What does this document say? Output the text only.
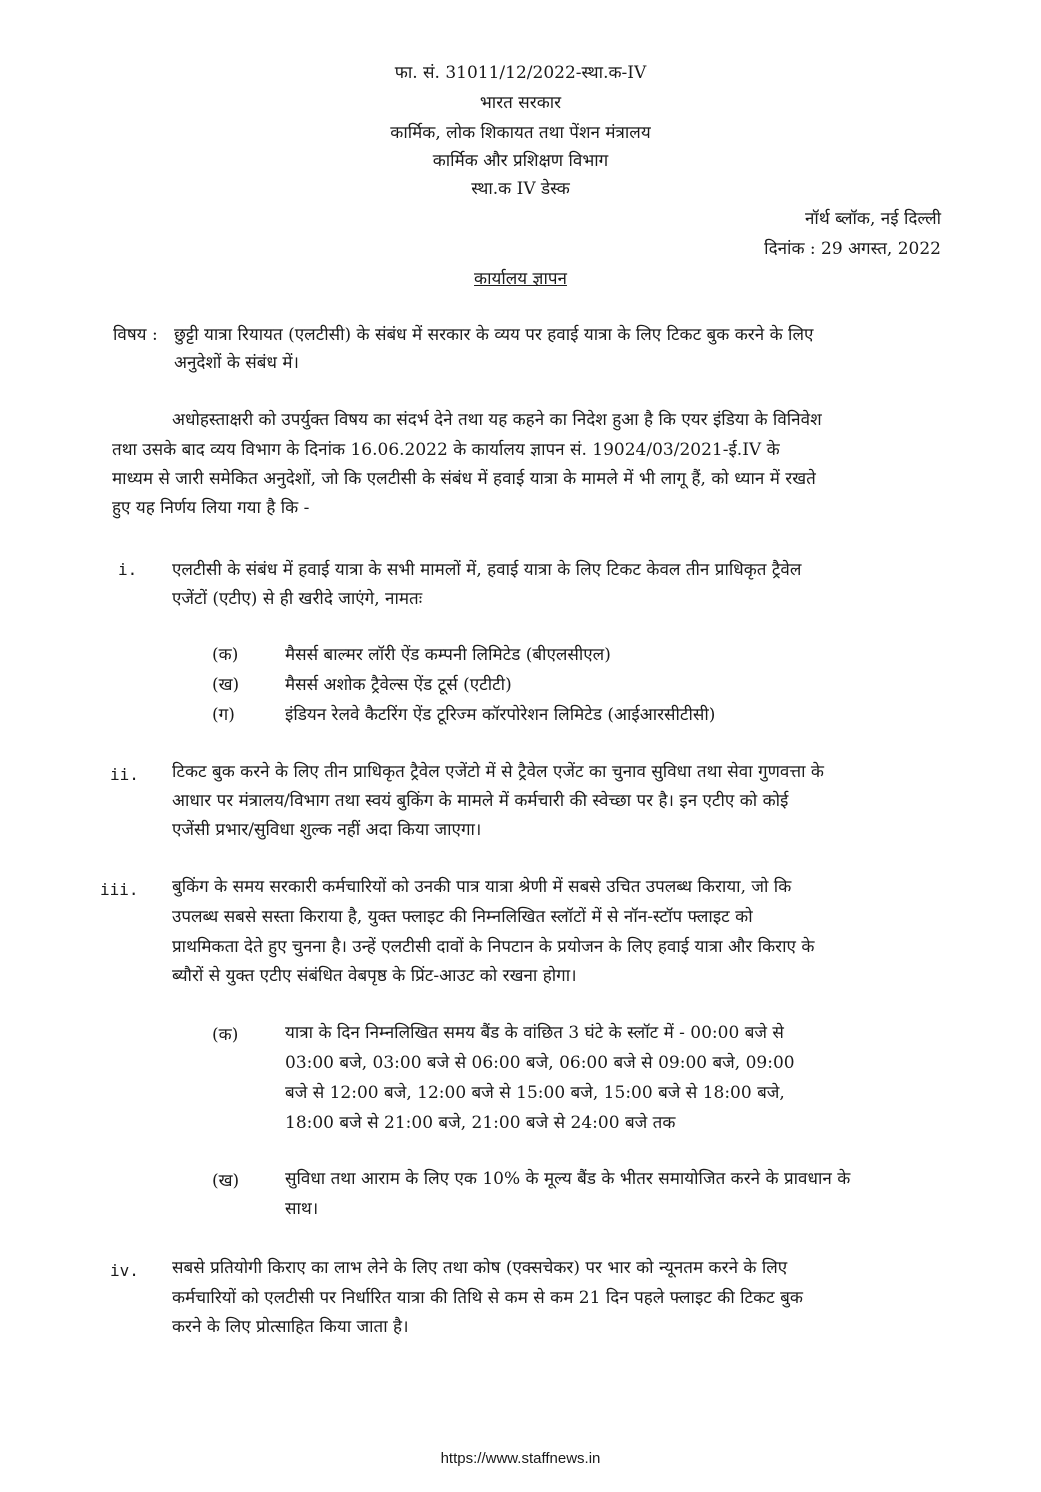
फा. सं. 31011/12/2022-स्था.क-IV
भारत सरकार
कार्मिक, लोक शिकायत तथा पेंशन मंत्रालय
कार्मिक और प्रशिक्षण विभाग
स्था.क IV डेस्क
नॉर्थ ब्लॉक, नई दिल्ली
दिनांक : 29 अगस्त, 2022
कार्यालय ज्ञापन
विषय : छुट्टी यात्रा रियायत (एलटीसी) के संबंध में सरकार के व्यय पर हवाई यात्रा के लिए टिकट बुक करने के लिए
अनुदेशों के संबंध में।
अधोहस्ताक्षरी को उपर्युक्त विषय का संदर्भ देने तथा यह कहने का निदेश हुआ है कि एयर इंडिया के विनिवेश
तथा उसके बाद व्यय विभाग के दिनांक 16.06.2022 के कार्यालय ज्ञापन सं. 19024/03/2021-ई.IV के
माध्यम से जारी समेकित अनुदेशों, जो कि एलटीसी के संबंध में हवाई यात्रा के मामले में भी लागू हैं, को ध्यान में रखते
हुए यह निर्णय लिया गया है कि -
i. एलटीसी के संबंध में हवाई यात्रा के सभी मामलों में, हवाई यात्रा के लिए टिकट केवल तीन प्राधिकृत ट्रैवेल
एजेंटों (एटीए) से ही खरीदे जाएंगे, नामतः
(क)	मैसर्स बाल्मर लॉरी ऐंड कम्पनी लिमिटेड (बीएलसीएल)
(ख)	मैसर्स अशोक ट्रैवेल्स ऐंड टूर्स (एटीटी)
(ग)	इंडियन रेलवे कैटरिंग ऐंड टूरिज्म कॉरपोरेशन लिमिटेड (आईआरसीटीसी)
ii. टिकट बुक करने के लिए तीन प्राधिकृत ट्रैवेल एजेंटो में से ट्रैवेल एजेंट का चुनाव सुविधा तथा सेवा गुणवत्ता के
आधार पर मंत्रालय/विभाग तथा स्वयं बुकिंग के मामले में कर्मचारी की स्वेच्छा पर है। इन एटीए को कोई
एजेंसी प्रभार/सुविधा शुल्क नहीं अदा किया जाएगा।
iii. बुकिंग के समय सरकारी कर्मचारियों को उनकी पात्र यात्रा श्रेणी में सबसे उचित उपलब्ध किराया, जो कि
उपलब्ध सबसे सस्ता किराया है, युक्त फ्लाइट की निम्नलिखित स्लॉटों में से नॉन-स्टॉप फ्लाइट को
प्राथमिकता देते हुए चुनना है। उन्हें एलटीसी दावों के निपटान के प्रयोजन के लिए हवाई यात्रा और किराए के
ब्यौरों से युक्त एटीए संबंधित वेबपृष्ठ के प्रिंट-आउट को रखना होगा।
(क)	यात्रा के दिन निम्नलिखित समय बैंड के वांछित 3 घंटे के स्लॉट में - 00:00 बजे से
03:00 बजे, 03:00 बजे से 06:00 बजे, 06:00 बजे से 09:00 बजे, 09:00
बजे से 12:00 बजे, 12:00 बजे से 15:00 बजे, 15:00 बजे से 18:00 बजे,
18:00 बजे से 21:00 बजे, 21:00 बजे से 24:00 बजे तक
(ख)	सुविधा तथा आराम के लिए एक 10% के मूल्य बैंड के भीतर समायोजित करने के प्रावधान के
साथ।
iv. सबसे प्रतियोगी किराए का लाभ लेने के लिए तथा कोष (एक्सचेकर) पर भार को न्यूनतम करने के लिए
कर्मचारियों को एलटीसी पर निर्धारित यात्रा की तिथि से कम से कम 21 दिन पहले फ्लाइट की टिकट बुक
करने के लिए प्रोत्साहित किया जाता है।
https://www.staffnews.in
